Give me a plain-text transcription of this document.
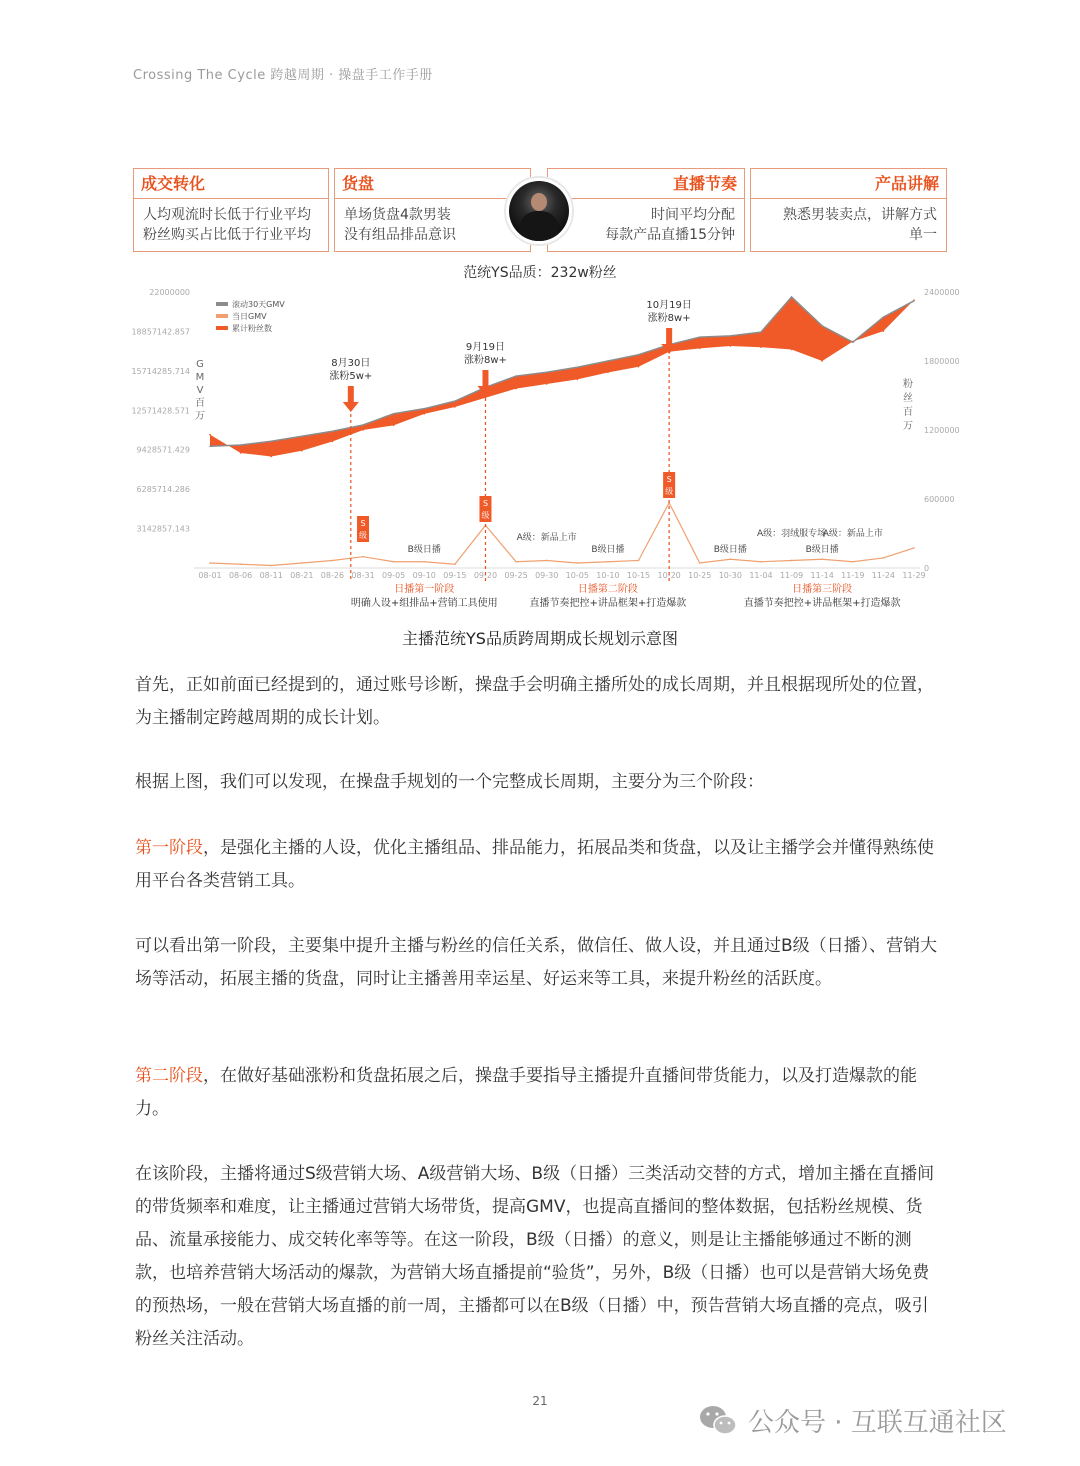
Crossing The Cycle 跨越周期 · 操盘手工作手册
成交转化
人均观流时长低于行业平均
粉丝购买占比低于行业平均
货盘
单场货盘4款男装
没有组品排品意识
直播节奏
时间平均分配
每款产品直播15分钟
产品讲解
熟悉男装卖点，讲解方式
单一
范统YS品质：232w粉丝
22000000
18857142.857
15714285.714
12571428.571
9428571.429
6285714.286
3142857.143
2400000
1800000
1200000
600000
0
G
M
V
百
万
粉
丝
百
万
08-01 08-06 08-11 08-21 08-26 08-31 09-05 09-10 09-15 09-20 09-25 09-30 10-05 10-10 10-15 10-20 10-25 10-30 11-04 11-09 11-14 11-19 11-24 11-29
滚动30天GMV
当日GMV
累计粉丝数
8月30日
涨粉5w+
9月19日
涨粉8w+
10月19日
涨粉8w+
S
级
S
级
S
级
B级日播
A级：新品上市
B级日播
A级：羽绒服专场
B级日播	B级日播
A级：新品上市
日播第一阶段
明确人设+组排品+营销工具使用
日播第二阶段
直播节奏把控+讲品框架+打造爆款
日播第三阶段
直播节奏把控+讲品框架+打造爆款
主播范统YS品质跨周期成长规划示意图

首先，正如前面已经提到的，通过账号诊断，操盘手会明确主播所处的成长周期，并且根据现所处的位置，为主播制定跨越周期的成长计划。

根据上图，我们可以发现，在操盘手规划的一个完整成长周期，主要分为三个阶段：

第一阶段，是强化主播的人设，优化主播组品、排品能力，拓展品类和货盘，以及让主播学会并懂得熟练使用平台各类营销工具。

可以看出第一阶段，主要集中提升主播与粉丝的信任关系，做信任、做人设，并且通过B级（日播）、营销大场等活动，拓展主播的货盘，同时让主播善用幸运星、好运来等工具，来提升粉丝的活跃度。

第二阶段，在做好基础涨粉和货盘拓展之后，操盘手要指导主播提升直播间带货能力，以及打造爆款的能力。

在该阶段，主播将通过S级营销大场、A级营销大场、B级（日播）三类活动交替的方式，增加主播在直播间的带货频率和难度，让主播通过营销大场带货，提高GMV，也提高直播间的整体数据，包括粉丝规模、货品、流量承接能力、成交转化率等等。在这一阶段，B级（日播）的意义，则是让主播能够通过不断的测款，也培养营销大场活动的爆款，为营销大场直播提前“验货”，另外，B级（日播）也可以是营销大场免费的预热场，一般在营销大场直播的前一周，主播都可以在B级（日播）中，预告营销大场直播的亮点，吸引粉丝关注活动。

21
公众号 · 互联互通社区
